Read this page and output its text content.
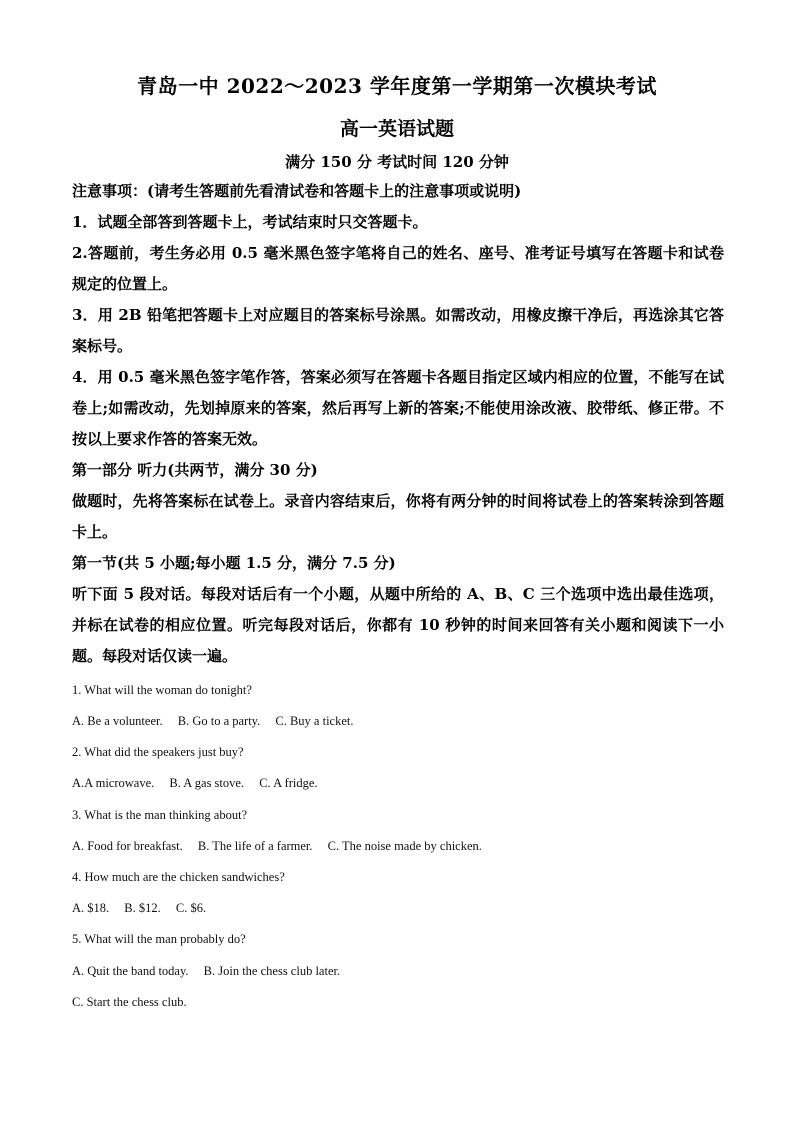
青岛一中 2022～2023 学年度第一学期第一次模块考试
高一英语试题
满分 150 分 考试时间 120 分钟

注意事项：(请考生答题前先看清试卷和答题卡上的注意事项或说明)

1．试题全部答到答题卡上，考试结束时只交答题卡。

2.答题前，考生务必用 0.5 毫米黑色签字笔将自己的姓名、座号、准考证号填写在答题卡和试卷规定的位置上。

3．用 2B 铅笔把答题卡上对应题目的答案标号涂黑。如需改动，用橡皮擦干净后，再选涂其它答案标号。

4．用 0.5 毫米黑色签字笔作答，答案必须写在答题卡各题目指定区域内相应的位置，不能写在试卷上;如需改动，先划掉原来的答案，然后再写上新的答案;不能使用涂改液、胶带纸、修正带。不按以上要求作答的答案无效。

第一部分 听力(共两节，满分 30 分)

做题时，先将答案标在试卷上。录音内容结束后，你将有两分钟的时间将试卷上的答案转涂到答题卡上。

第一节(共 5 小题;每小题 1.5 分，满分 7.5 分)

听下面 5 段对话。每段对话后有一个小题，从题中所给的 A、B、C 三个选项中选出最佳选项，并标在试卷的相应位置。听完每段对话后，你都有 10 秒钟的时间来回答有关小题和阅读下一小题。每段对话仅读一遍。

1. What will the woman do tonight?

A. Be a volunteer. B. Go to a party. C. Buy a ticket.

2. What did the speakers just buy?

A.A microwave. B. A gas stove. C. A fridge.

3. What is the man thinking about?

A. Food for breakfast. B. The life of a farmer. C. The noise made by chicken.

4. How much are the chicken sandwiches?

A. $18. B. $12. C. $6.

5. What will the man probably do?

A. Quit the band today. B. Join the chess club later.

C. Start the chess club.
